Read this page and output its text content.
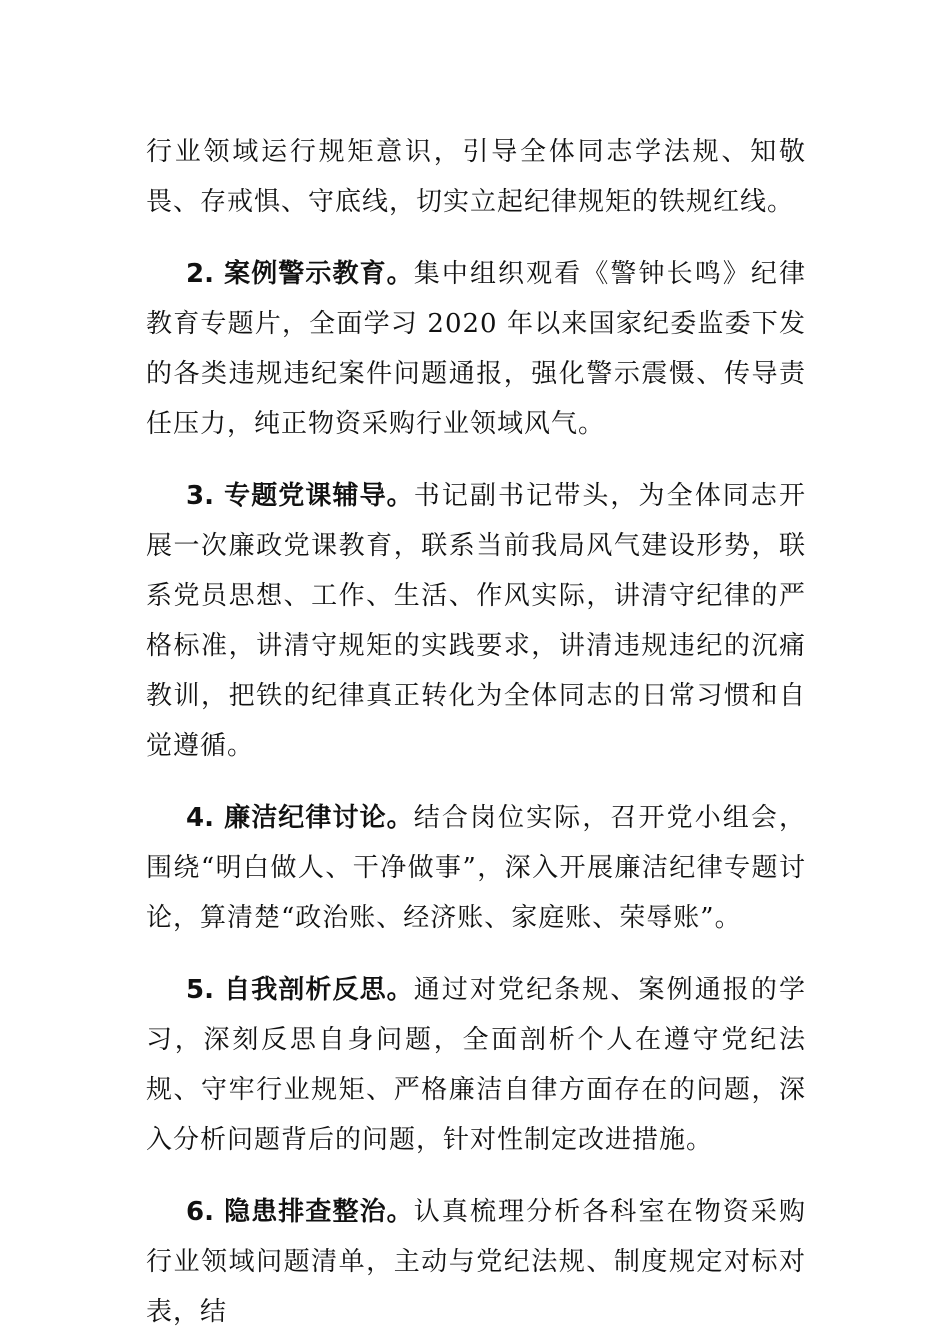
行业领域运行规矩意识，引导全体同志学法规、知敬畏、存戒惧、守底线，切实立起纪律规矩的铁规红线。

2. 案例警示教育。集中组织观看《警钟长鸣》纪律教育专题片，全面学习 2020 年以来国家纪委监委下发的各类违规违纪案件问题通报，强化警示震慑、传导责任压力，纯正物资采购行业领域风气。

3. 专题党课辅导。书记副书记带头，为全体同志开展一次廉政党课教育，联系当前我局风气建设形势，联系党员思想、工作、生活、作风实际，讲清守纪律的严格标准，讲清守规矩的实践要求，讲清违规违纪的沉痛教训，把铁的纪律真正转化为全体同志的日常习惯和自觉遵循。

4. 廉洁纪律讨论。结合岗位实际，召开党小组会，围绕“明白做人、干净做事”，深入开展廉洁纪律专题讨论，算清楚“政治账、经济账、家庭账、荣辱账”。

5. 自我剖析反思。通过对党纪条规、案例通报的学习，深刻反思自身问题，全面剖析个人在遵守党纪法规、守牢行业规矩、严格廉洁自律方面存在的问题，深入分析问题背后的问题，针对性制定改进措施。

6. 隐患排查整治。认真梳理分析各科室在物资采购行业领域问题清单，主动与党纪法规、制度规定对标对表，结
